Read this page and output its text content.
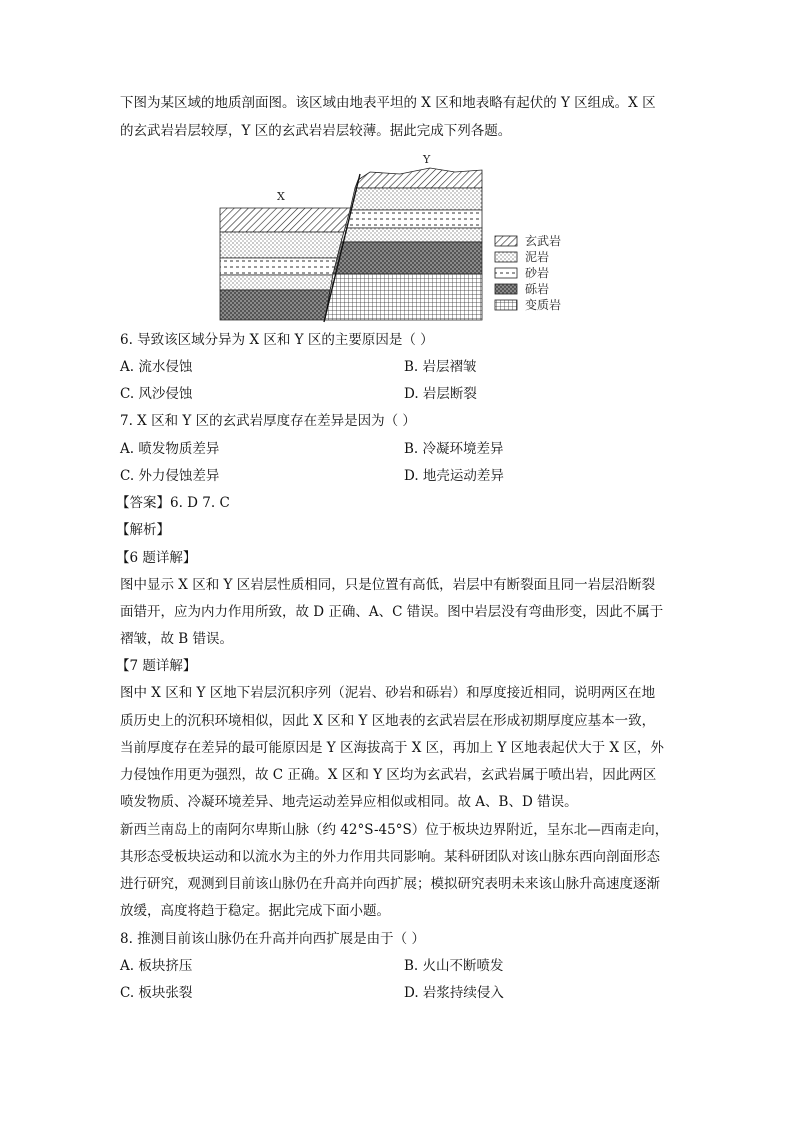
下图为某区域的地质剖面图。该区域由地表平坦的 X 区和地表略有起伏的 Y 区组成。X 区
的玄武岩岩层较厚，Y 区的玄武岩岩层较薄。据此完成下列各题。
X
Y
玄武岩
泥岩
砂岩
砾岩
变质岩
6. 导致该区域分异为 X 区和 Y 区的主要原因是（ ）
A. 流水侵蚀	B. 岩层褶皱
C. 风沙侵蚀	D. 岩层断裂
7. X 区和 Y 区的玄武岩厚度存在差异是因为（ ）
A. 喷发物质差异	B. 冷凝环境差异
C. 外力侵蚀差异	D. 地壳运动差异
【答案】6. D 7. C
【解析】
【6 题详解】
图中显示 X 区和 Y 区岩层性质相同，只是位置有高低，岩层中有断裂面且同一岩层沿断裂
面错开，应为内力作用所致，故 D 正确、A、C 错误。图中岩层没有弯曲形变，因此不属于
褶皱，故 B 错误。
【7 题详解】
图中 X 区和 Y 区地下岩层沉积序列（泥岩、砂岩和砾岩）和厚度接近相同，说明两区在地
质历史上的沉积环境相似，因此 X 区和 Y 区地表的玄武岩层在形成初期厚度应基本一致，
当前厚度存在差异的最可能原因是 Y 区海拔高于 X 区，再加上 Y 区地表起伏大于 X 区，外
力侵蚀作用更为强烈，故 C 正确。X 区和 Y 区均为玄武岩，玄武岩属于喷出岩，因此两区
喷发物质、冷凝环境差异、地壳运动差异应相似或相同。故 A、B、D 错误。
新西兰南岛上的南阿尔卑斯山脉（约 42°S-45°S）位于板块边界附近，呈东北—西南走向，
其形态受板块运动和以流水为主的外力作用共同影响。某科研团队对该山脉东西向剖面形态
进行研究，观测到目前该山脉仍在升高并向西扩展；模拟研究表明未来该山脉升高速度逐渐
放缓，高度将趋于稳定。据此完成下面小题。
8. 推测目前该山脉仍在升高并向西扩展是由于（ ）
A. 板块挤压	B. 火山不断喷发
C. 板块张裂	D. 岩浆持续侵入
